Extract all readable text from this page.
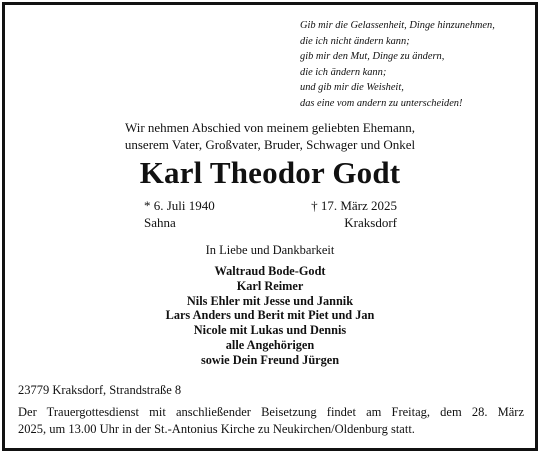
Gib mir die Gelassenheit, Dinge hinzunehmen,
die ich nicht ändern kann;
gib mir den Mut, Dinge zu ändern,
die ich ändern kann;
und gib mir die Weisheit,
das eine vom andern zu unterscheiden!
Wir nehmen Abschied von meinem geliebten Ehemann,
unserem Vater, Großvater, Bruder, Schwager und Onkel
Karl Theodor Godt
* 6. Juli 1940	† 17. März 2025
Sahna	Kraksdorf
In Liebe und Dankbarkeit
Waltraud Bode-Godt
Karl Reimer
Nils Ehler mit Jesse und Jannik
Lars Anders und Berit mit Piet und Jan
Nicole mit Lukas und Dennis
alle Angehörigen
sowie Dein Freund Jürgen
23779 Kraksdorf, Strandstraße 8
Der Trauergottesdienst mit anschließender Beisetzung findet am Freitag, dem 28. März
2025, um 13.00 Uhr in der St.-Antonius Kirche zu Neukirchen/Oldenburg statt.
